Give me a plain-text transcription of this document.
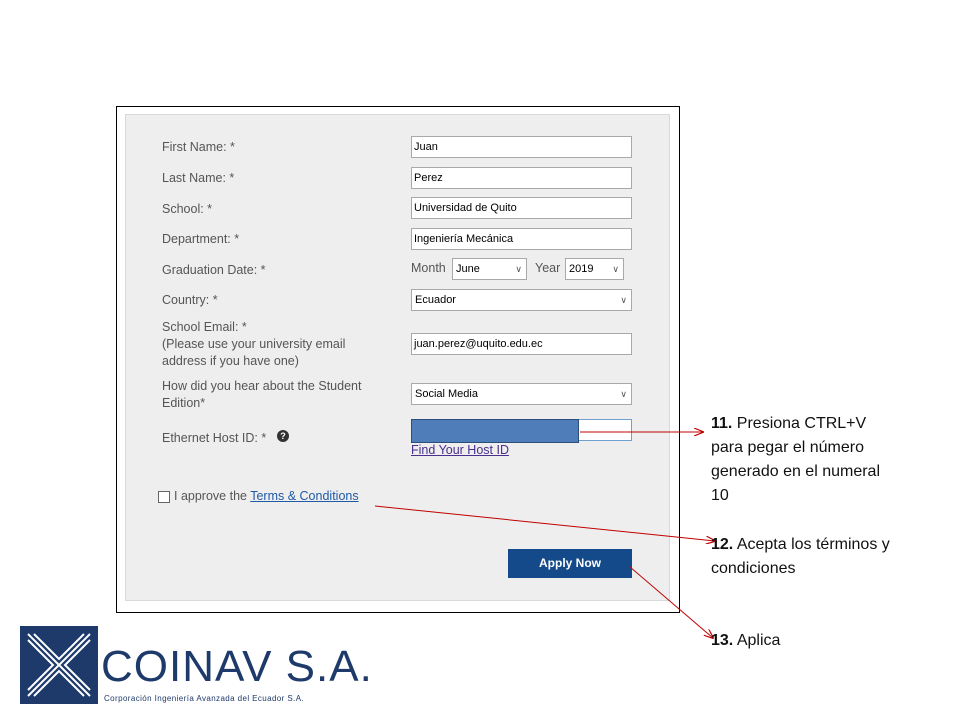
First Name: *	Juan
Last Name: *	Perez
School: *	Universidad de Quito
Department: *	Ingeniería Mecánica
Graduation Date: *	Month June	∨ Year 2019 ∨
Country: *	Ecuador	∨
School Email: *
(Please use your university email
address if you have one)
juan.perez@uquito.edu.ec
How did you hear about the Student
Edition*
Social Media	∨
Ethernet Host ID: *	?
Find Your Host ID
I approve the Terms & Conditions
Apply Now
11. Presiona CTRL+V para pegar el número generado en el numeral 10
12. Acepta los términos y condiciones
13. Aplica
COINAV S.A.
Corporación Ingeniería Avanzada del Ecuador S.A.
